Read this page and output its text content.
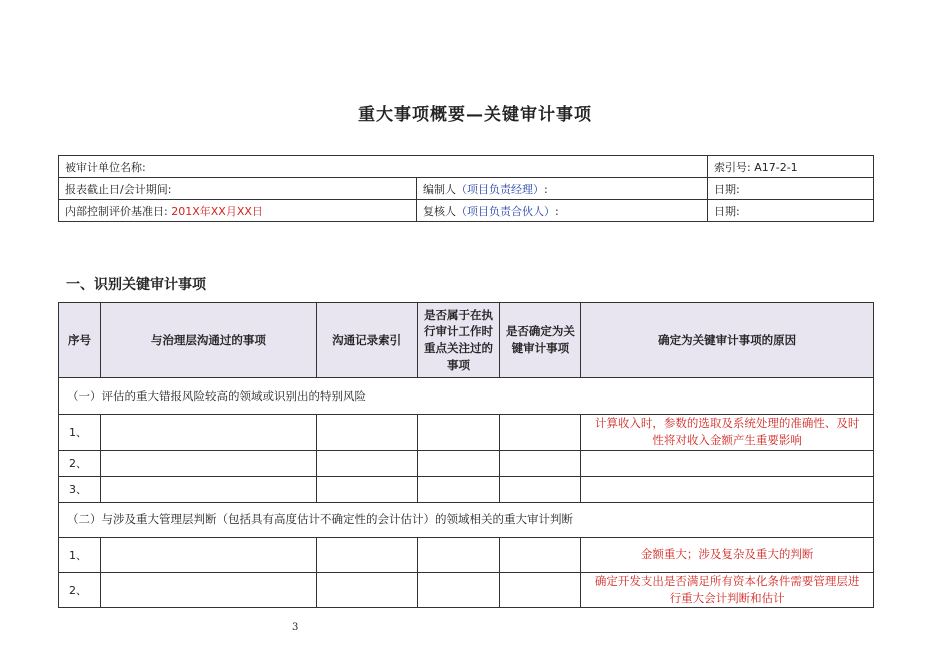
重大事项概要—关键审计事项
被审计单位名称:		索引号: A17-2-1
报表截止日/会计期间:	编制人（项目负责经理）:	日期:
内部控制评价基准日: 201X年XX月XX日	复核人（项目负责合伙人）:	日期:
一、识别关键审计事项
序号	与治理层沟通过的事项	沟通记录索引	是否属于在执行审计工作时重点关注过的事项	是否确定为关键审计事项	确定为关键审计事项的原因

（一）评估的重大错报风险较高的领域或识别出的特别风险					

1、					计算收入时，参数的选取及系统处理的准确性、及时性将对收入金额产生重要影响
2、					
3、					
（二）与涉及重大管理层判断（包括具有高度估计不确定性的会计估计）的领域相关的重大审计判断					
1、					金额重大；涉及复杂及重大的判断
2、					确定开发支出是否满足所有资本化条件需要管理层进行重大会计判断和估计
3
